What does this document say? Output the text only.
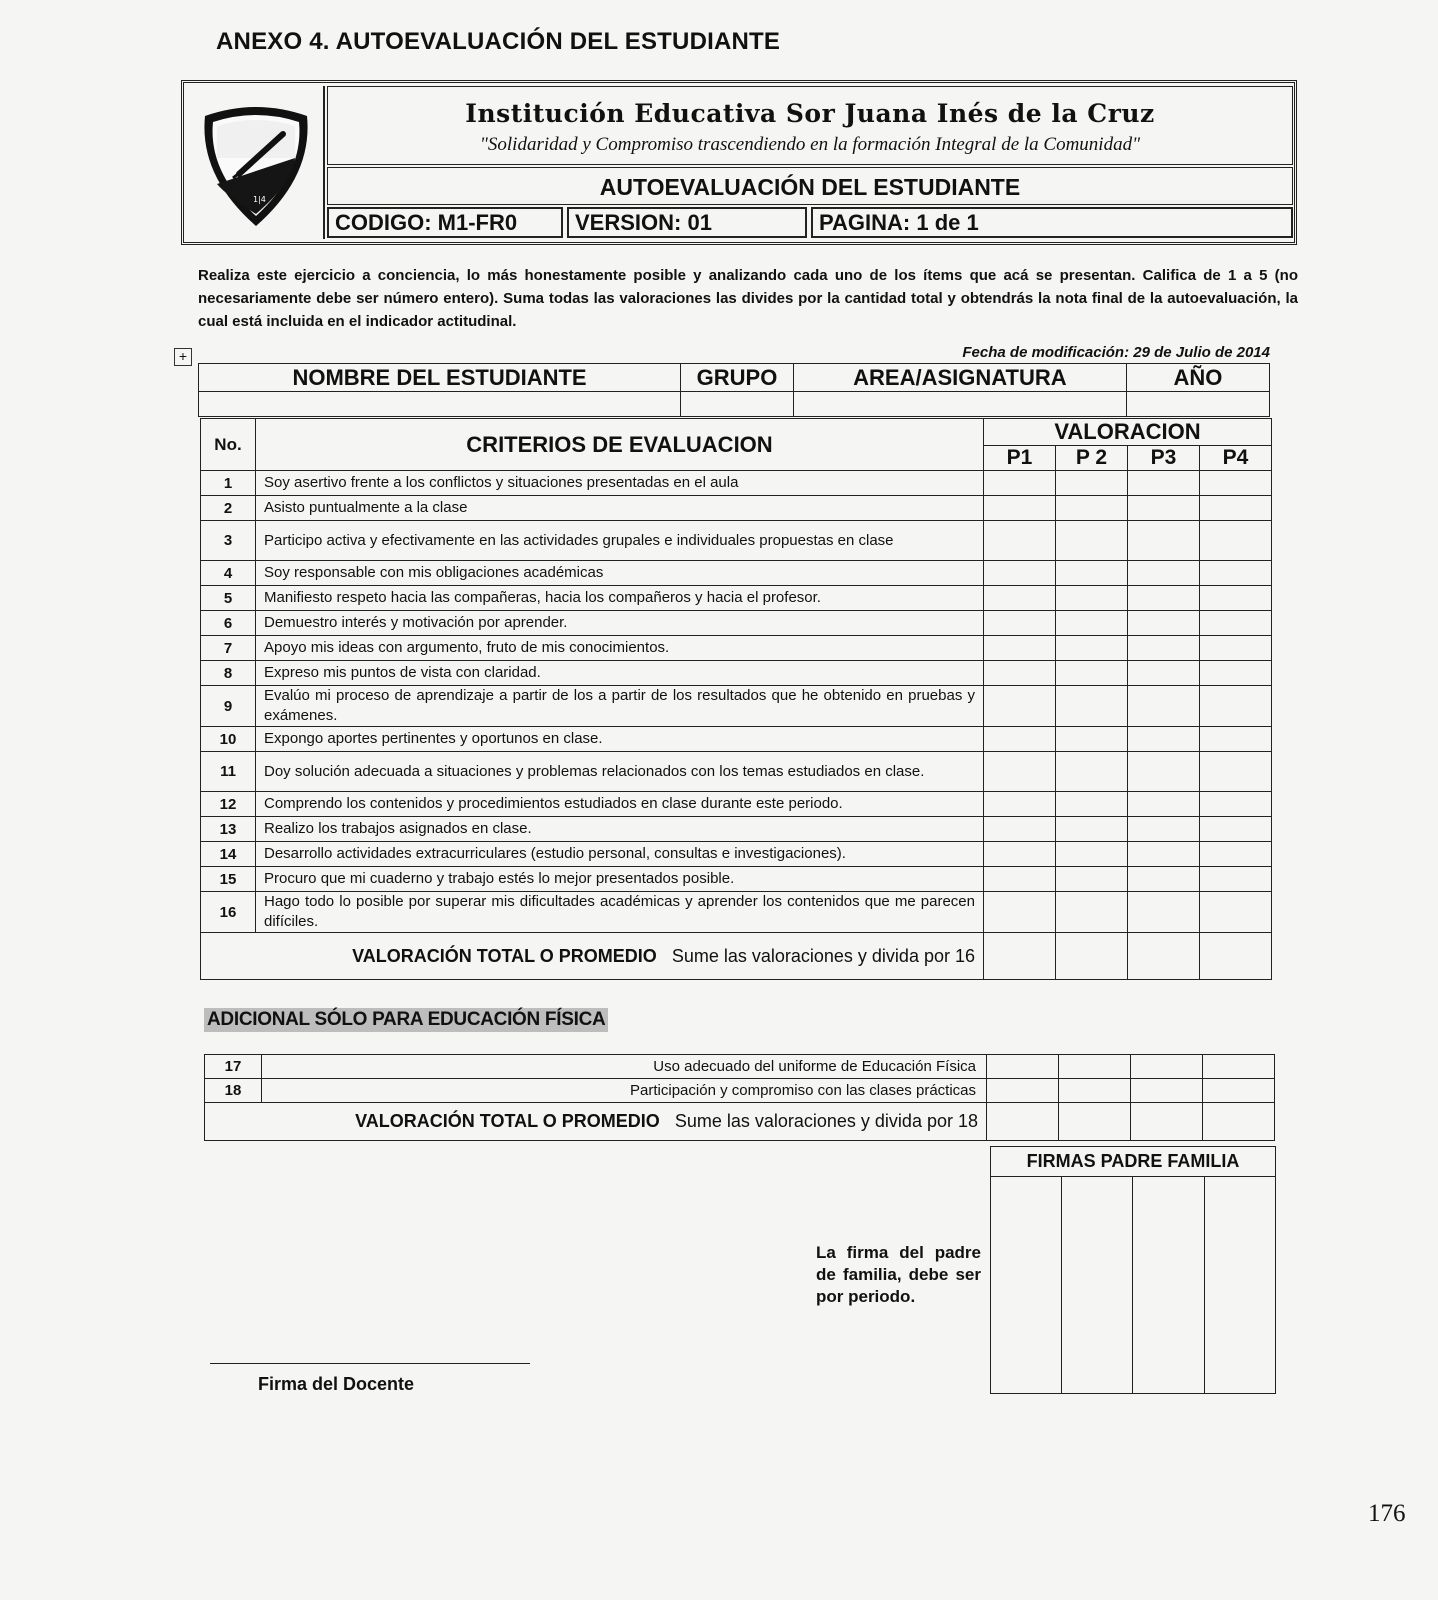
ANEXO 4. AUTOEVALUACIÓN DEL ESTUDIANTE
1|4
Institución Educativa Sor Juana Inés de la Cruz
"Solidaridad y Compromiso trascendiendo en la formación Integral de la Comunidad"
AUTOEVALUACIÓN DEL ESTUDIANTE
CODIGO: M1-FR0	VERSION: 01	PAGINA: 1 de 1
Realiza este ejercicio a conciencia, lo más honestamente posible y analizando cada uno de los ítems que acá se presentan. Califica de 1 a 5 (no necesariamente debe ser número entero). Suma todas las valoraciones las divides por la cantidad total y obtendrás la nota final de la autoevaluación, la cual está incluida en el indicador actitudinal.
+	Fecha de modificación: 29 de Julio de 2014
NOMBRE DEL ESTUDIANTE	GRUPO	AREA/ASIGNATURA	AÑO

No.	CRITERIOS DE EVALUACION	VALORACION			
		P1	P 2	P3	P4
1	Soy asertivo frente a los conflictos y situaciones presentadas en el aula				
2	Asisto puntualmente a la clase				
3	Participo activa y efectivamente en las actividades grupales e individuales propuestas en clase				
4	Soy responsable con mis obligaciones académicas				
5	Manifiesto respeto hacia las compañeras, hacia los compañeros y hacia el profesor.				
6	Demuestro interés y motivación por aprender.				
7	Apoyo mis ideas con argumento, fruto de mis conocimientos.				
8	Expreso mis puntos de vista con claridad.				
9	Evalúo mi proceso de aprendizaje a partir de los a partir de los resultados que he obtenido en pruebas y exámenes.				
10	Expongo aportes pertinentes y oportunos en clase.				
11	Doy solución adecuada a situaciones y problemas relacionados con los temas estudiados en clase.				
12	Comprendo los contenidos y procedimientos estudiados en clase durante este periodo.				
13	Realizo los trabajos asignados en clase.				
14	Desarrollo actividades extracurriculares (estudio personal, consultas e investigaciones).				
15	Procuro que mi cuaderno y trabajo estés lo mejor presentados posible.				
16	Hago todo lo posible por superar mis dificultades académicas y aprender los contenidos que me parecen difíciles.				
VALORACIÓN TOTAL O PROMEDIO Sume las valoraciones y divida por 16					
ADICIONAL SÓLO PARA EDUCACIÓN FÍSICA
17	Uso adecuado del uniforme de Educación Física				
18	Participación y compromiso con las clases prácticas				
VALORACIÓN TOTAL O PROMEDIO Sume las valoraciones y divida por 18					
FIRMAS PADRE FAMILIA

La firma del padre de familia, debe ser por periodo.
Firma del Docente
176
